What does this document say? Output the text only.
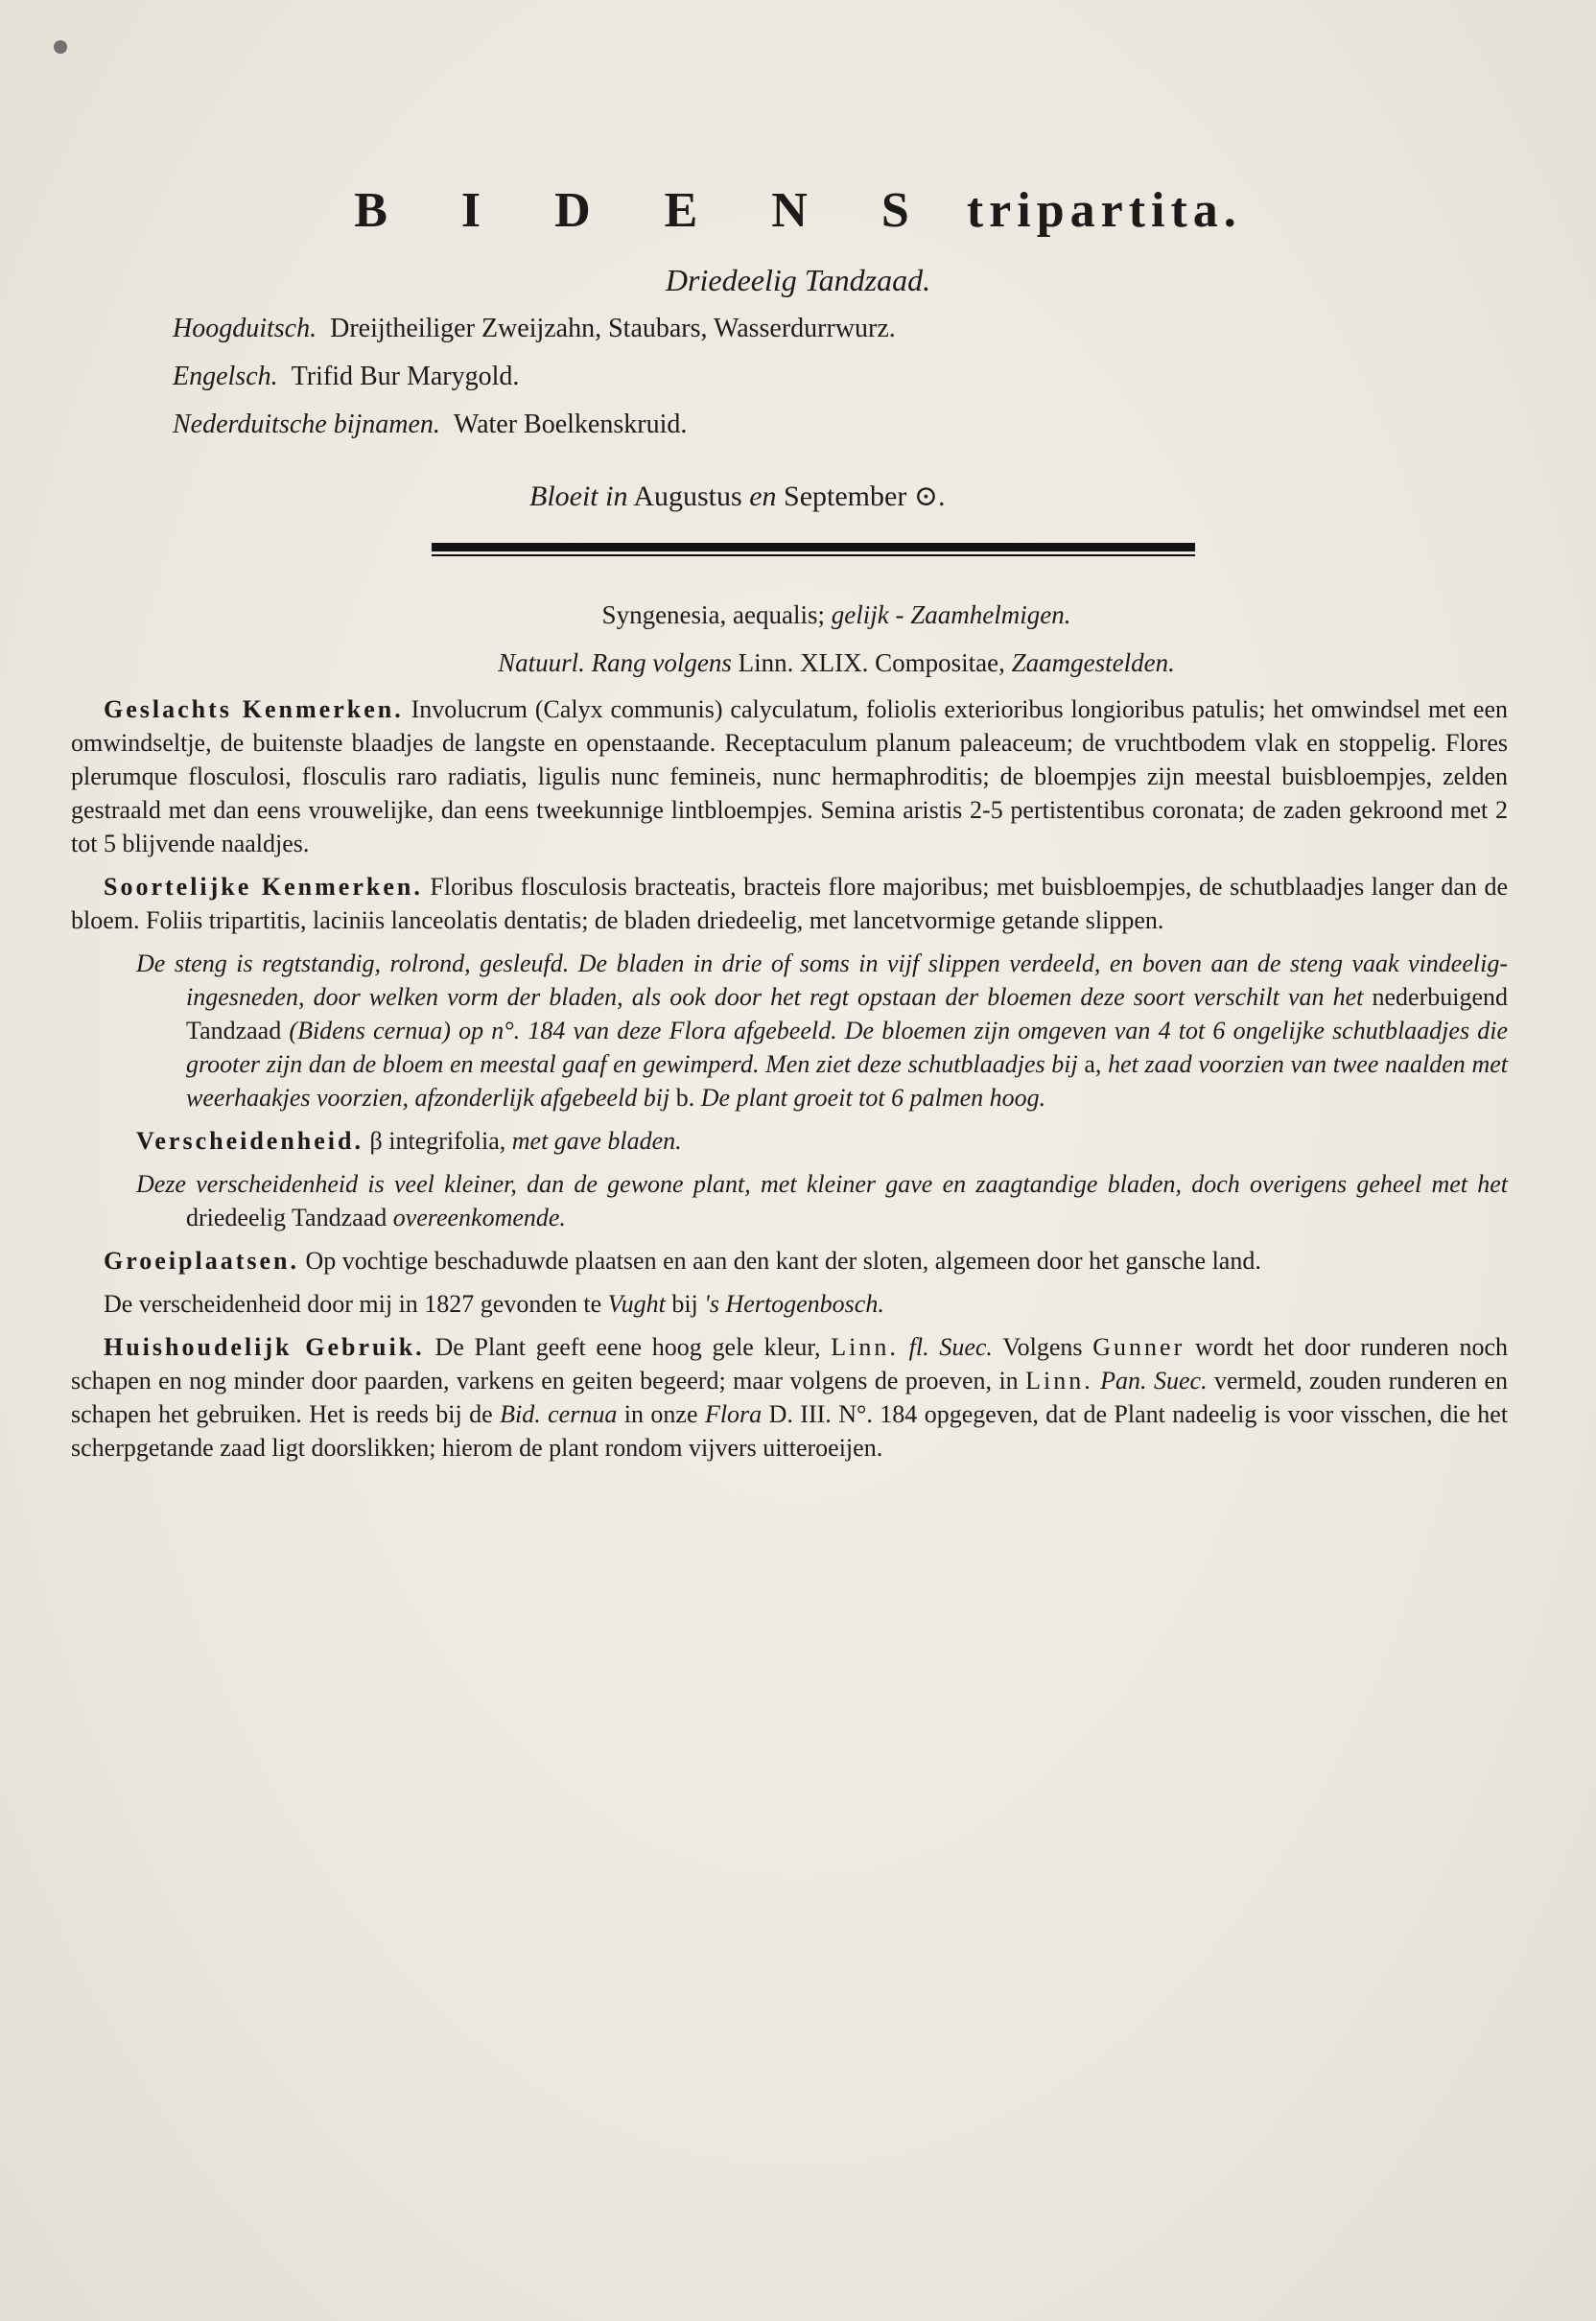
B I D E N S tripartita.
Driedeelig Tandzaad.
Hoogduitsch. Dreijtheiliger Zweijzahn, Staubars, Wasserdurrwurz.
Engelsch. Trifid Bur Marygold.
Nederduitsche bijnamen. Water Boelkenskruid.
Bloeit in Augustus en September ⊙.
Syngenesia, aequalis; gelijk - Zaamhelmigen.
Natuurl. Rang volgens Linn. XLIX. Compositae, Zaamgestelden.

Geslachts Kenmerken. Involucrum (Calyx communis) calyculatum, foliolis exterioribus longioribus patulis; het omwindsel met een omwindseltje, de buitenste blaadjes de langste en openstaande. Receptaculum planum paleaceum; de vruchtbodem vlak en stoppelig. Flores plerumque flosculosi, flosculis raro radiatis, ligulis nunc femineis, nunc hermaphroditis; de bloempjes zijn meestal buisbloempjes, zelden gestraald met dan eens vrouwelijke, dan eens tweekunnige lintbloempjes. Semina aristis 2-5 pertistentibus coronata; de zaden gekroond met 2 tot 5 blijvende naaldjes.

Soortelijke Kenmerken. Floribus flosculosis bracteatis, bracteis flore majoribus; met buisbloempjes, de schutblaadjes langer dan de bloem. Foliis tripartitis, laciniis lanceolatis dentatis; de bladen driedeelig, met lancetvormige getande slippen.

De steng is regtstandig, rolrond, gesleufd. De bladen in drie of soms in vijf slippen verdeeld, en boven aan de steng vaak vindeelig-ingesneden, door welken vorm der bladen, als ook door het regt opstaan der bloemen deze soort verschilt van het nederbuigend Tandzaad (Bidens cernua) op n°. 184 van deze Flora afgebeeld. De bloemen zijn omgeven van 4 tot 6 ongelijke schutblaadjes die grooter zijn dan de bloem en meestal gaaf en gewimperd. Men ziet deze schutblaadjes bij a, het zaad voorzien van twee naalden met weerhaakjes voorzien, afzonderlijk afgebeeld bij b. De plant groeit tot 6 palmen hoog.

Verscheidenheid. β integrifolia, met gave bladen.

Deze verscheidenheid is veel kleiner, dan de gewone plant, met kleiner gave en zaagtandige bladen, doch overigens geheel met het driedeelig Tandzaad overeenkomende.

Groeiplaatsen. Op vochtige beschaduwde plaatsen en aan den kant der sloten, algemeen door het gansche land.

De verscheidenheid door mij in 1827 gevonden te Vught bij 's Hertogenbosch.

Huishoudelijk Gebruik. De Plant geeft eene hoog gele kleur, Linn. fl. Suec. Volgens Gunner wordt het door runderen noch schapen en nog minder door paarden, varkens en geiten begeerd; maar volgens de proeven, in Linn. Pan. Suec. vermeld, zouden runderen en schapen het gebruiken. Het is reeds bij de Bid. cernua in onze Flora D. III. N°. 184 opgegeven, dat de Plant nadeelig is voor visschen, die het scherpgetande zaad ligt doorslikken; hierom de plant rondom vijvers uitteroeijen.
